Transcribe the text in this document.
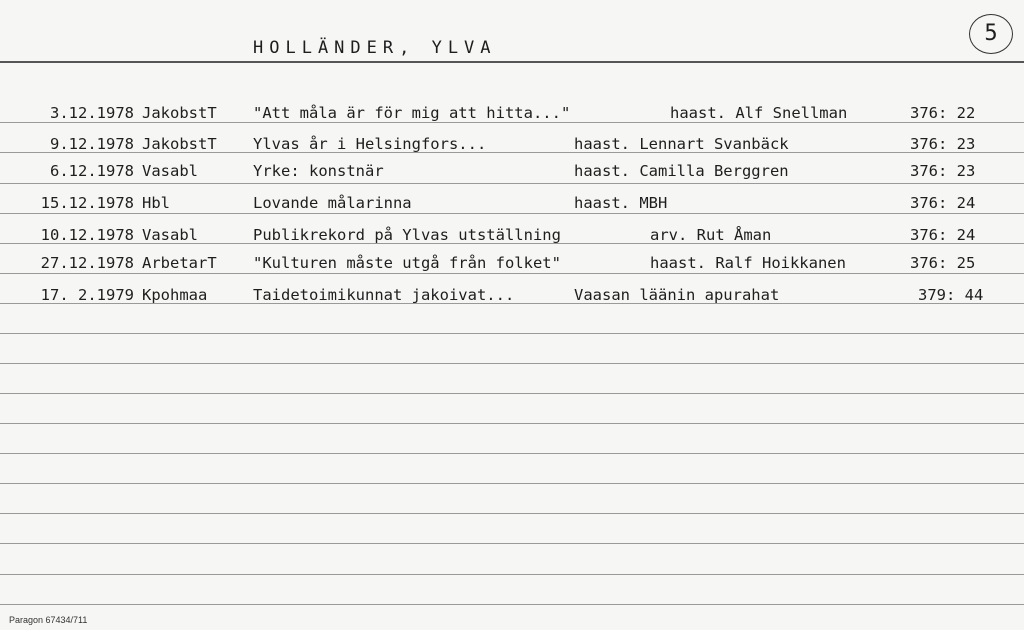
HOLLÄNDER, YLVA
5
3.12.1978 JakobstT "Att måla är för mig att hitta..."	haast. Alf Snellman	376: 22
9.12.1978 JakobstT Ylvas år i Helsingfors...	haast. Lennart Svanbäck	376: 23
6.12.1978 Vasabl	Yrke: konstnär	haast. Camilla Berggren	376: 23
15.12.1978 Hbl	Lovande målarinna	haast. MBH	376: 24
10.12.1978 Vasabl	Publikrekord på Ylvas utställning	arv. Rut Åman	376: 24
27.12.1978 ArbetarT "Kulturen måste utgå från folket"	haast. Ralf Hoikkanen	376: 25
17. 2.1979 Kpohmaa	Taidetoimikunnat jakoivat...	Vaasan läänin apurahat	379: 44
Paragon 67434/711
